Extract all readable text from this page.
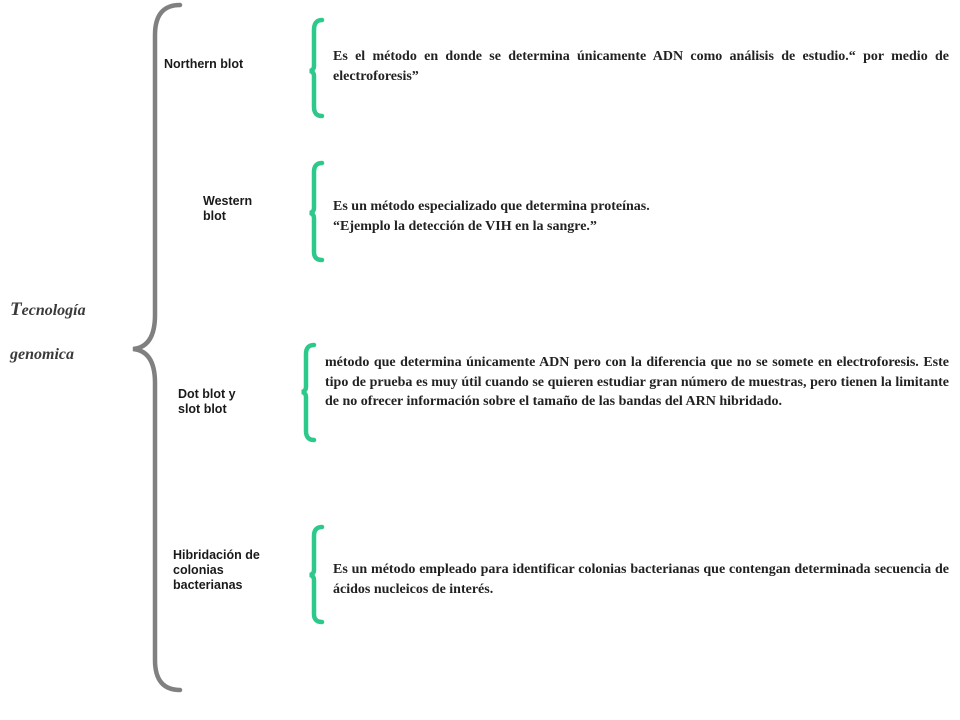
Tecnología
genomica
Northern blot	Es el método en donde se determina únicamente ADN como análisis de estudio.“ por medio de electroforesis”
Western
blot
Es un método especializado que determina proteínas.
“Ejemplo la detección de VIH en la sangre.”
Dot blot y
slot blot
método que determina únicamente ADN pero con la diferencia que no se somete en electroforesis. Este tipo de prueba es muy útil cuando se quieren estudiar gran número de muestras, pero tienen la limitante de no ofrecer información sobre el tamaño de las bandas del ARN hibridado.
Hibridación de
colonias
bacterianas
Es un método empleado para identificar colonias bacterianas que contengan determinada secuencia de ácidos nucleicos de interés.
